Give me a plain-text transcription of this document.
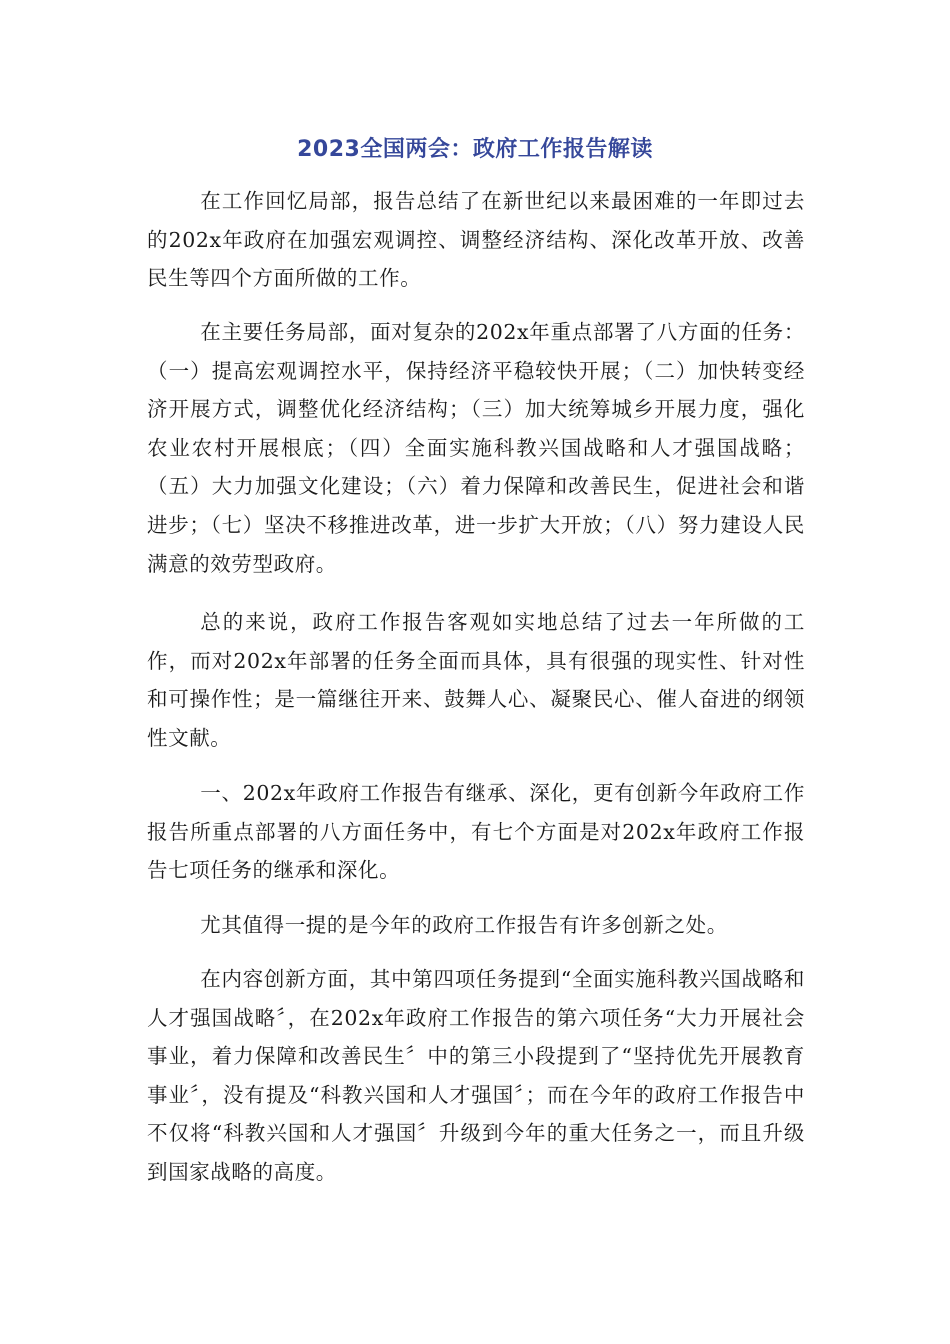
2023全国两会：政府工作报告解读

在工作回忆局部，报告总结了在新世纪以来最困难的一年即过去的202x年政府在加强宏观调控、调整经济结构、深化改革开放、改善民生等四个方面所做的工作。

在主要任务局部，面对复杂的202x年重点部署了八方面的任务：（一）提高宏观调控水平，保持经济平稳较快开展；（二）加快转变经济开展方式，调整优化经济结构；（三）加大统筹城乡开展力度，强化农业农村开展根底；（四）全面实施科教兴国战略和人才强国战略；（五）大力加强文化建设；（六）着力保障和改善民生，促进社会和谐进步；（七）坚决不移推进改革，进一步扩大开放；（八）努力建设人民满意的效劳型政府。

总的来说，政府工作报告客观如实地总结了过去一年所做的工作，而对202x年部署的任务全面而具体，具有很强的现实性、针对性和可操作性；是一篇继往开来、鼓舞人心、凝聚民心、催人奋进的纲领性文献。

一、202x年政府工作报告有继承、深化，更有创新今年政府工作报告所重点部署的八方面任务中，有七个方面是对202x年政府工作报告七项任务的继承和深化。

尤其值得一提的是今年的政府工作报告有许多创新之处。

在内容创新方面，其中第四项任务提到“全面实施科教兴国战略和人才强国战略〞，在202x年政府工作报告的第六项任务“大力开展社会事业，着力保障和改善民生〞中的第三小段提到了“坚持优先开展教育事业〞，没有提及“科教兴国和人才强国〞；而在今年的政府工作报告中不仅将“科教兴国和人才强国〞升级到今年的重大任务之一，而且升级到国家战略的高度。
